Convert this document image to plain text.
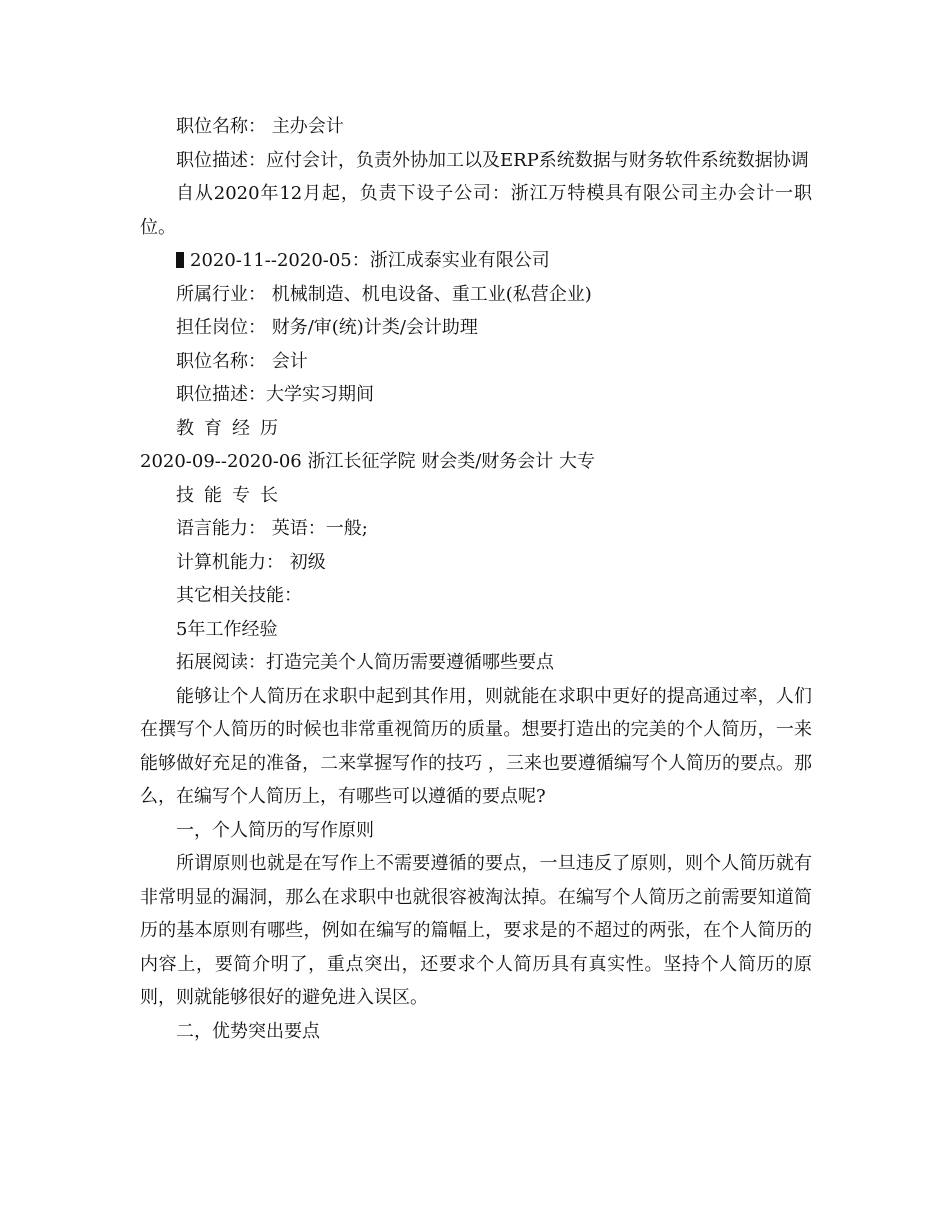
职位名称： 主办会计

职位描述：应付会计，负责外协加工以及ERP系统数据与财务软件系统数据协调

自从2020年12月起，负责下设子公司：浙江万特模具有限公司主办会计一职位。

2020-11--2020-05：浙江成泰实业有限公司

所属行业： 机械制造、机电设备、重工业(私营企业)

担任岗位： 财务/审(统)计类/会计助理

职位名称： 会计

职位描述：大学实习期间

教育经历

2020-09--2020-06 浙江长征学院 财会类/财务会计 大专

技能专长

语言能力： 英语：一般;

计算机能力： 初级

其它相关技能：

5年工作经验

拓展阅读：打造完美个人简历需要遵循哪些要点

能够让个人简历在求职中起到其作用，则就能在求职中更好的提高通过率，人们在撰写个人简历的时候也非常重视简历的质量。想要打造出的完美的个人简历，一来能够做好充足的准备，二来掌握写作的技巧 ，三来也要遵循编写个人简历的要点。那么，在编写个人简历上，有哪些可以遵循的要点呢?

一，个人简历的写作原则

所谓原则也就是在写作上不需要遵循的要点，一旦违反了原则，则个人简历就有非常明显的漏洞，那么在求职中也就很容被淘汰掉。在编写个人简历之前需要知道简历的基本原则有哪些，例如在编写的篇幅上，要求是的不超过的两张，在个人简历的内容上，要简介明了，重点突出，还要求个人简历具有真实性。坚持个人简历的原则，则就能够很好的避免进入误区。

二，优势突出要点
